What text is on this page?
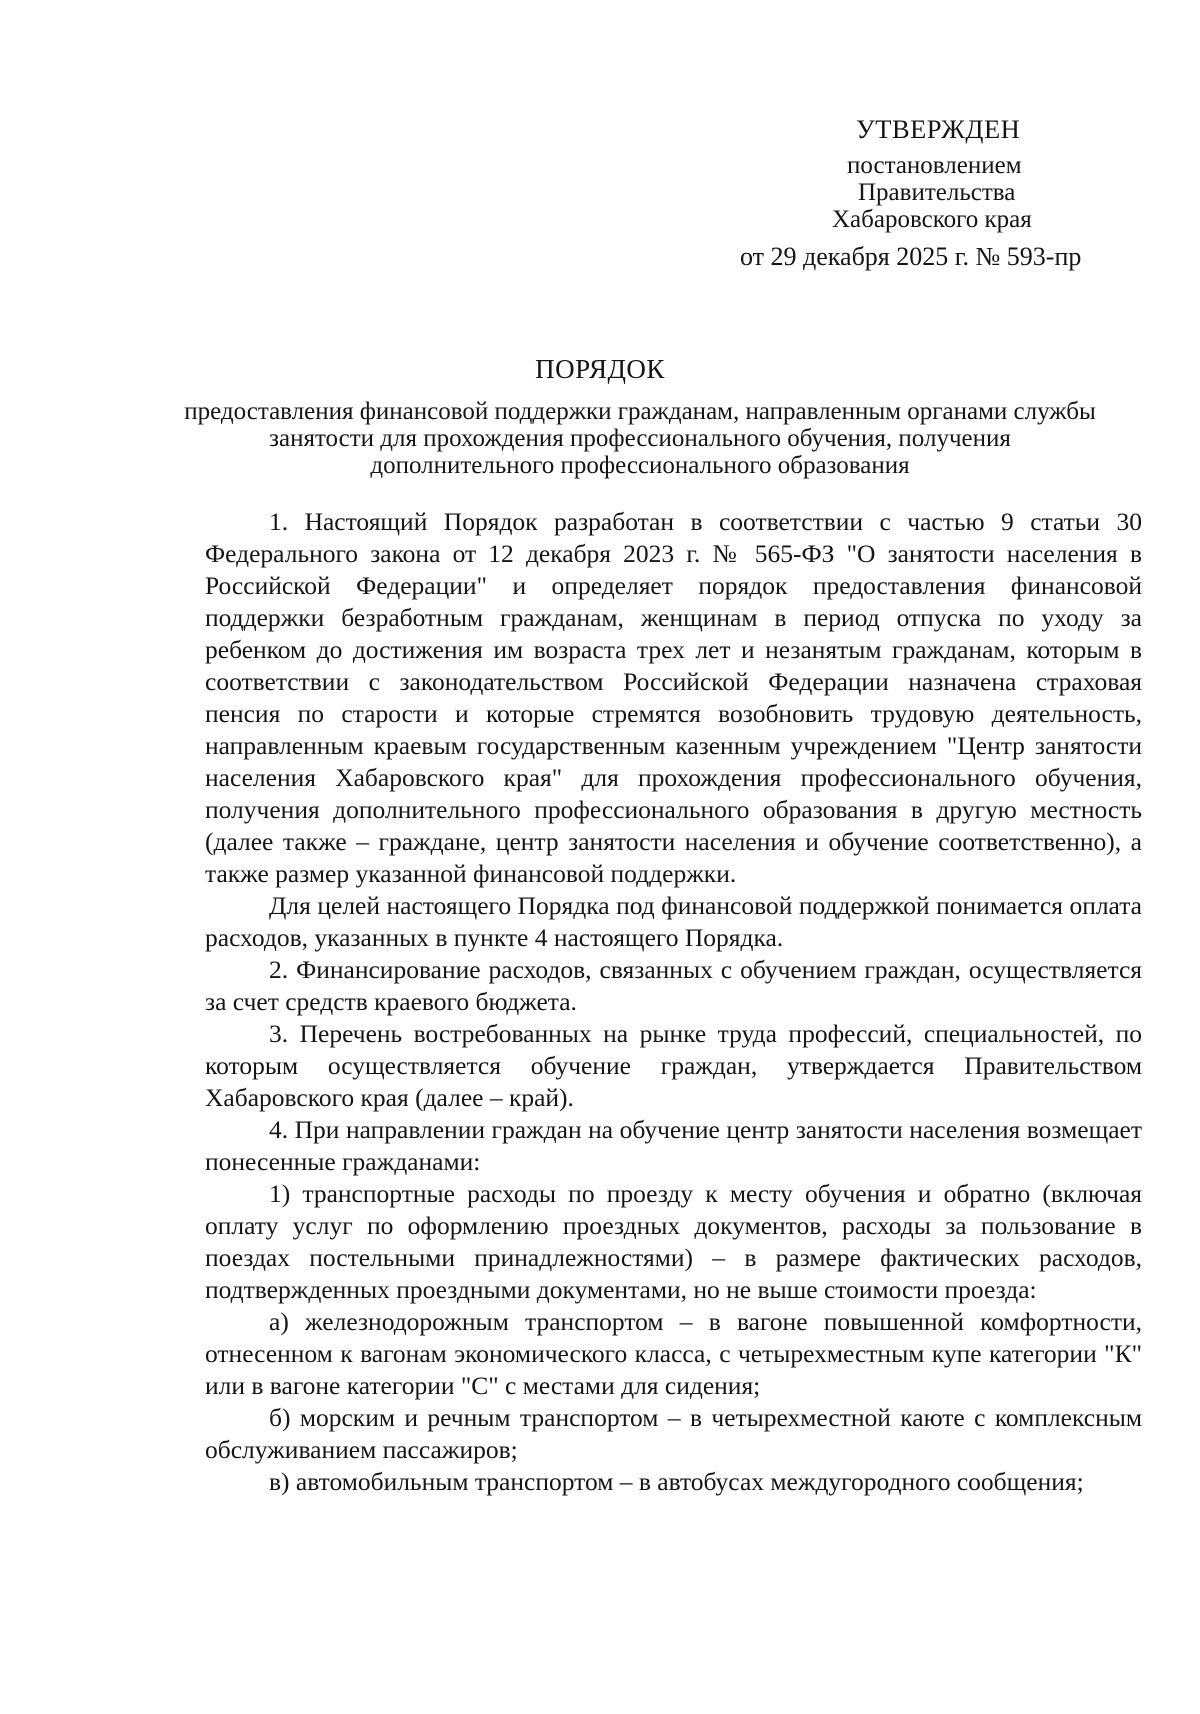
УТВЕРЖДЕН
постановлением
Правительства
Хабаровского края
от 29 декабря 2025 г. № 593-пр
ПОРЯДОК
предоставления финансовой поддержки гражданам, направленным органами службы занятости для прохождения профессионального обучения, получения дополнительного профессионального образования

1. Настоящий Порядок разработан в соответствии с частью 9 статьи 30 Федерального закона от 12 декабря 2023 г. № 565-ФЗ "О занятости населения в Российской Федерации" и определяет порядок предоставления финансовой поддержки безработным гражданам, женщинам в период отпуска по уходу за ребенком до достижения им возраста трех лет и незанятым гражданам, которым в соответствии с законодательством Российской Федерации назначена страховая пенсия по старости и которые стремятся возобновить трудовую деятельность, направленным краевым государственным казенным учреждением "Центр занятости населения Хабаровского края" для прохождения профессионального обучения, получения дополнительного профессионального образования в другую местность (далее также – граждане, центр занятости населения и обучение соответственно), а также размер указанной финансовой поддержки.

Для целей настоящего Порядка под финансовой поддержкой понимается оплата расходов, указанных в пункте 4 настоящего Порядка.

2. Финансирование расходов, связанных с обучением граждан, осуществляется за счет средств краевого бюджета.

3. Перечень востребованных на рынке труда профессий, специальностей, по которым осуществляется обучение граждан, утверждается Правительством Хабаровского края (далее – край).

4. При направлении граждан на обучение центр занятости населения возмещает понесенные гражданами:

1) транспортные расходы по проезду к месту обучения и обратно (включая оплату услуг по оформлению проездных документов, расходы за пользование в поездах постельными принадлежностями) – в размере фактических расходов, подтвержденных проездными документами, но не выше стоимости проезда:

а) железнодорожным транспортом – в вагоне повышенной комфортности, отнесенном к вагонам экономического класса, с четырехместным купе категории "К" или в вагоне категории "С" с местами для сидения;

б) морским и речным транспортом – в четырехместной каюте с комплексным обслуживанием пассажиров;

в) автомобильным транспортом – в автобусах междугородного сообщения;
